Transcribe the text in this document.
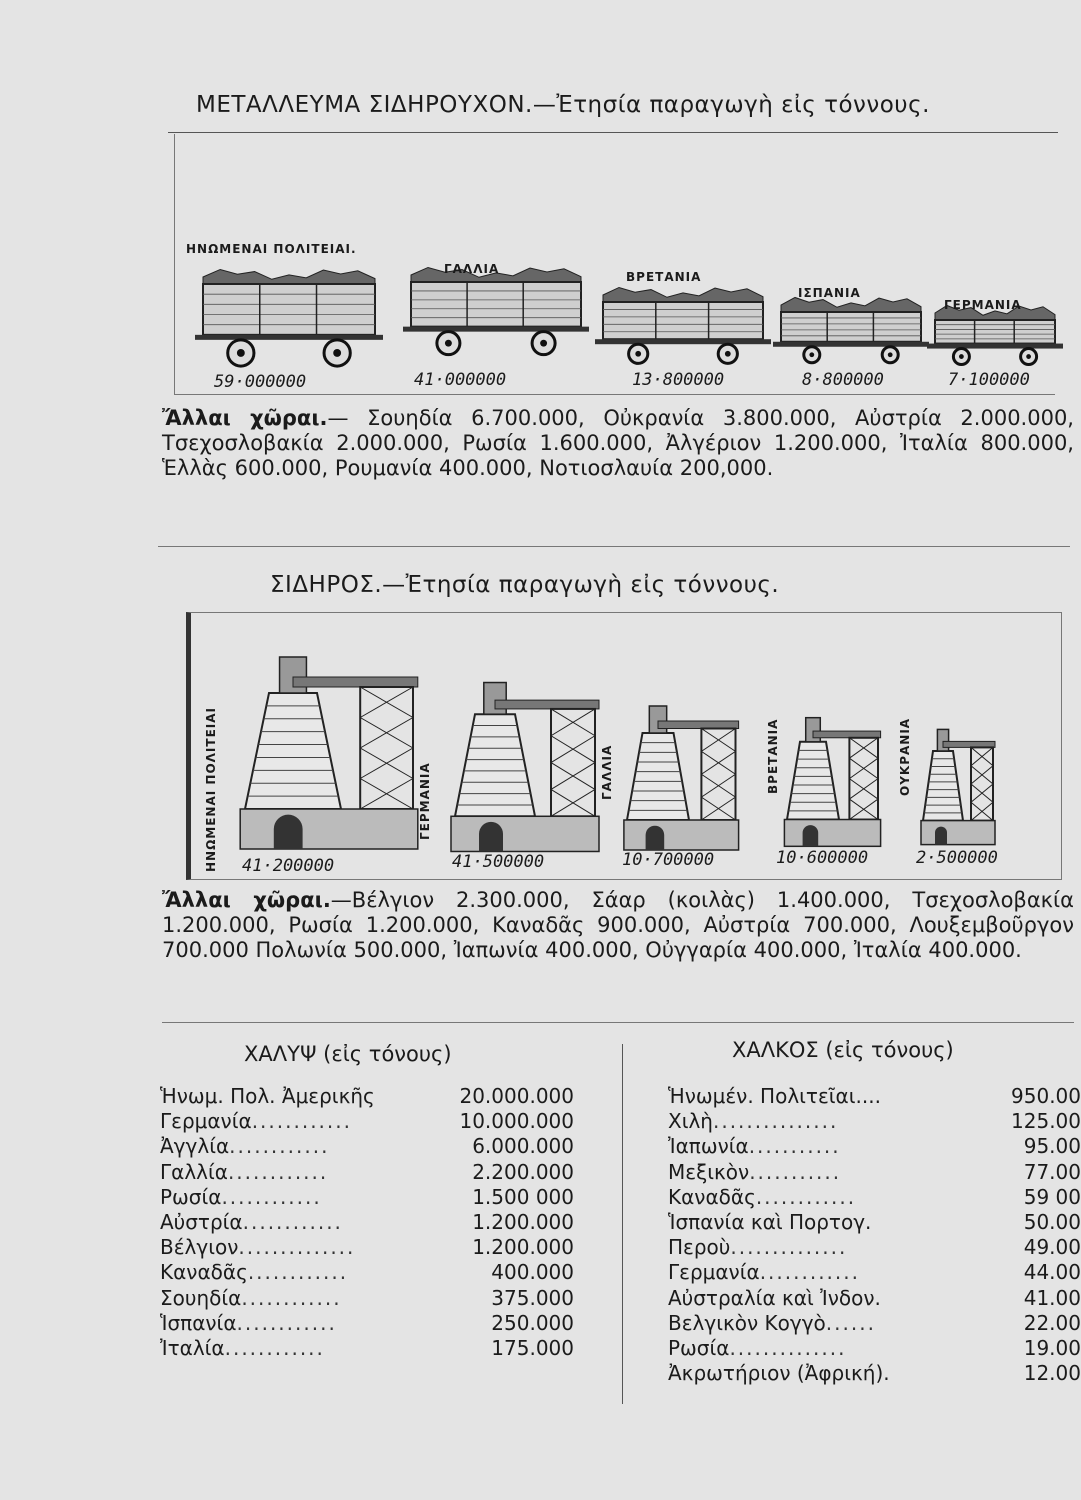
ΜΕΤΑΛΛΕΥΜΑ ΣΙΔΗΡΟΥΧΟΝ.—Ἐτησία παραγωγὴ εἰς τόννους.
ΗΝΩΜΕΝΑΙ ΠΟΛΙΤΕΙΑΙ.
ΓΑΛΛΙΑ
ΒΡΕΤΑΝΙΑ
ΙΣΠΑΝΙΑ
ΓΕΡΜΑΝΙΑ
59·000000	41·000000	13·800000	8·800000	7·100000
Ἄλλαι χῶραι.— Σουηδία 6.700.000, Οὐκρανία 3.800.000, Αὐστρία 2.000.000, Τσεχοσλοβακία 2.000.000, Ρωσία 1.600.000, Ἀλγέριον 1.200.000, Ἰταλία 800.000, Ἑλλὰς 600.000, Ρουμανία 400.000, Νοτιοσλαυία 200,000.
ΣΙΔΗΡΟΣ.—Ἐτησία παραγωγὴ εἰς τόννους.
ΗΝΩΜΕΝΑΙ ΠΟΛΙΤΕΙΑΙ	ΓΕΡΜΑΝΙΑ	ΓΑΛΛΙΑ	ΒΡΕΤΑΝΙΑ	ΟΥΚΡΑΝΙΑ
41·200000	41·500000	10·700000	10·600000	2·500000
Ἄλλαι χῶραι.—Βέλγιον 2.300.000, Σάαρ (κοιλὰς) 1.400.000, Τσεχοσλοβακία 1.200.000, Ρωσία 1.200.000, Καναδᾶς 900.000, Αὐστρία 700.000, Λουξεμβοῦργον 700.000 Πολωνία 500.000, Ἰαπωνία 400.000, Οὐγγαρία 400.000, Ἰταλία 400.000.
ΧΑΛΥΨ (εἰς τόνους)
Ἡνωμ. Πολ. Ἀμερικῆς	20.000.000
Γερμανία............	10.000.000
Ἀγγλία............	6.000.000
Γαλλία............	2.200.000
Ρωσία............	1.500 000
Αὐστρία............	1.200.000
Βέλγιον..............	1.200.000
Καναδᾶς............	400.000
Σουηδία............	375.000
Ἱσπανία............	250.000
Ἰταλία............	175.000
ΧΑΛΚΟΣ (εἰς τόνους)
Ἡνωμέν. Πολιτεῖαι....	950.00
Χιλὴ...............	125.00
Ἰαπωνία...........	95.00
Μεξικὸν...........	77.00
Καναδᾶς............	59 00
Ἱσπανία καὶ Πορτογ.	50.00
Περοὺ..............	49.00
Γερμανία............	44.00
Αὐστραλία καὶ Ἰνδον.	41.00
Βελγικὸν Κογγὸ......	22.00
Ρωσία..............	19.00
Ἀκρωτήριον (Ἀφρική).	12.00
